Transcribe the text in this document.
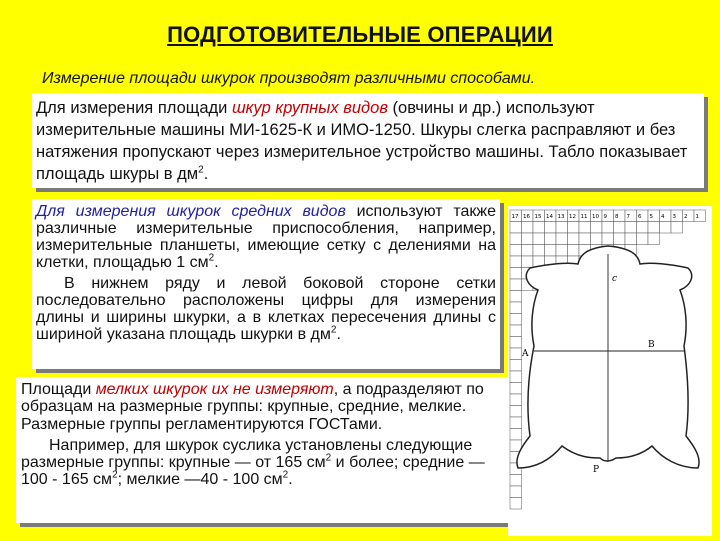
ПОДГОТОВИТЕЛЬНЫЕ ОПЕРАЦИИ
Измерение площади шкурок производят различными способами.

Для измерения площади шкур крупных видов (овчины и др.) используют измерительные машины МИ-1625-К и ИМО-1250. Шкуры слегка расправляют и без натяжения пропускают через измерительное устройство машины. Табло показывает площадь шкуры в $дм^2$.

Для измерения шкурок средних видов используют также различные измерительные приспособления, например, измерительные планшеты, имеющие сетку с делениями на клетки, площадью 1 $см^2$.

В нижнем ряду и левой боковой стороне сетки последовательно расположены цифры для измерения длины и ширины шкурки, а в клетках пересечения длины с шириной указана площадь шкурки в $дм^2$.

Площади мелких шкурок их не измеряют, а подразделяют по образцам на размерные группы: крупные, средние, мелкие. Размерные группы регламентируются ГОСТами.

Например, для шкурок суслика установлены следующие размерные группы: крупные — от 165 $см^2$ и более; средние —100 - 165 $см^2$; мелкие —40 - 100 $см^2$.

17 16 15 14 13 12 11 10 9 8 7 6 5 4 3 2 1
c
A
B
P
